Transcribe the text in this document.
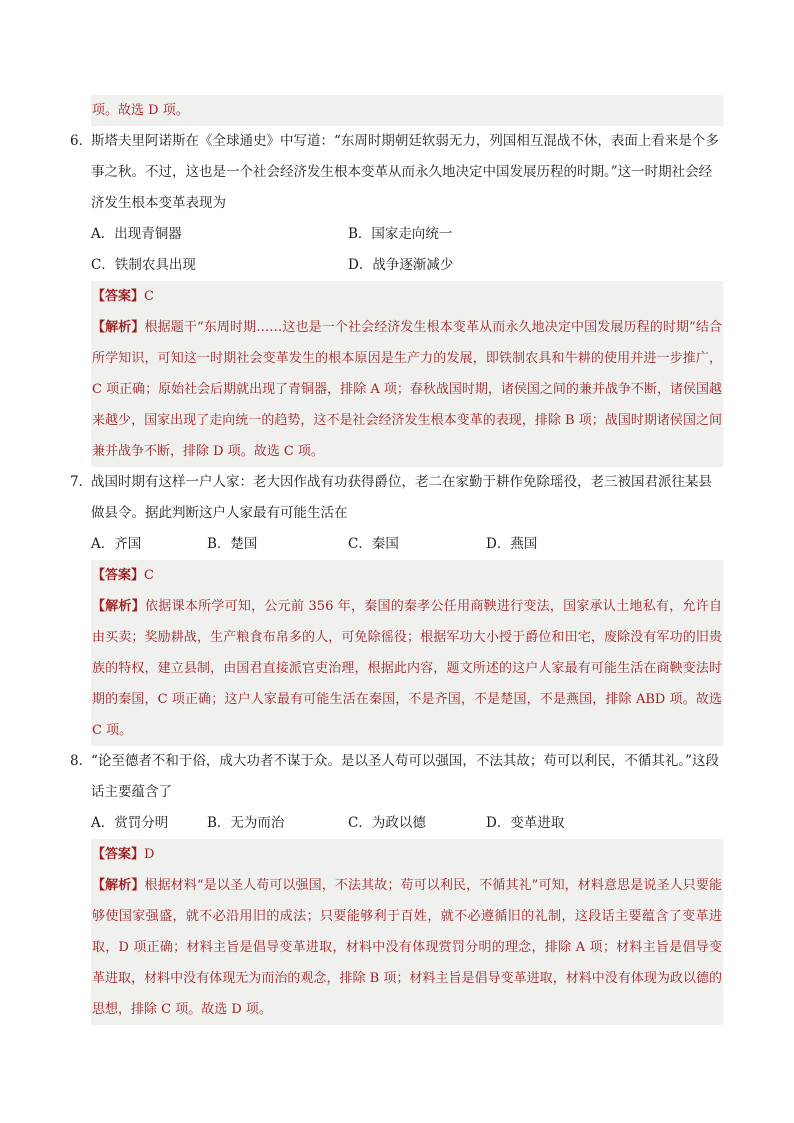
项。故选 D 项。
6．
斯塔夫里阿诺斯在《全球通史》中写道：“东周时期朝廷软弱无力，列国相互混战不休，表面上看来是个多事之秋。不过，这也是一个社会经济发生根本变革从而永久地决定中国发展历程的时期。”这一时期社会经济发生根本变革表现为
A．出现青铜器	B．国家走向统一
C．铁制农具出现	D．战争逐渐减少
【答案】C
【解析】根据题干“东周时期……这也是一个社会经济发生根本变革从而永久地决定中国发展历程的时期”结合所学知识，可知这一时期社会变革发生的根本原因是生产力的发展，即铁制农具和牛耕的使用并进一步推广，C 项正确；原始社会后期就出现了青铜器，排除 A 项；春秋战国时期，诸侯国之间的兼并战争不断，诸侯国越来越少，国家出现了走向统一的趋势，这不是社会经济发生根本变革的表现，排除 B 项；战国时期诸侯国之间兼并战争不断，排除 D 项。故选 C 项。
7．
战国时期有这样一户人家：老大因作战有功获得爵位，老二在家勤于耕作免除瑶役，老三被国君派往某县做县令。据此判断这户人家最有可能生活在
A．齐国	B．楚国	C．秦国	D．燕国
【答案】C
【解析】依据课本所学可知，公元前 356 年，秦国的秦孝公任用商鞅进行变法，国家承认土地私有，允许自由买卖；奖励耕战，生产粮食布帛多的人，可免除徭役；根据军功大小授于爵位和田宅，废除没有军功的旧贵族的特权，建立县制，由国君直接派官吏治理，根据此内容，题文所述的这户人家最有可能生活在商鞅变法时期的秦国，C 项正确；这户人家最有可能生活在秦国，不是齐国，不是楚国，不是燕国，排除 ABD 项。故选 C 项。
8．
“论至德者不和于俗，成大功者不谋于众。是以圣人苟可以强国，不法其故；苟可以利民，不循其礼。”这段话主要蕴含了
A．赏罚分明	B．无为而治	C．为政以德	D．变革进取
【答案】D
【解析】根据材料“是以圣人苟可以强国，不法其故；苟可以利民，不循其礼”可知，材料意思是说圣人只要能够使国家强盛，就不必沿用旧的成法；只要能够利于百姓，就不必遵循旧的礼制，这段话主要蕴含了变革进取，D 项正确；材料主旨是倡导变革进取，材料中没有体现赏罚分明的理念，排除 A 项；材料主旨是倡导变革进取，材料中没有体现无为而治的观念，排除 B 项；材料主旨是倡导变革进取，材料中没有体现为政以德的思想，排除 C 项。故选 D 项。
